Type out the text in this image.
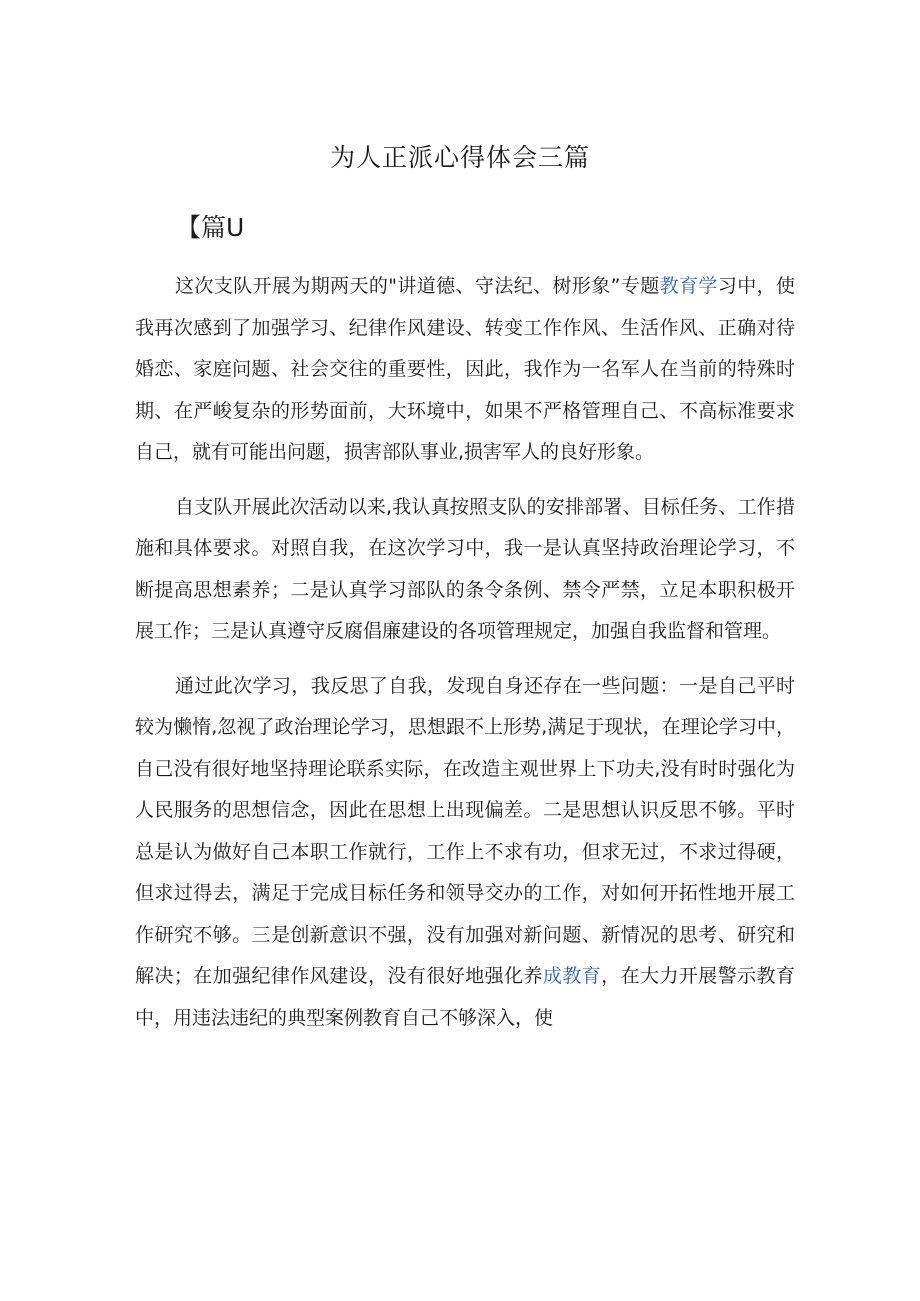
为人正派心得体会三篇
【篇U

这次支队开展为期两天的"讲道德、守法纪、树形象”专题教育学习中，使我再次感到了加强学习、纪律作风建设、转变工作作风、生活作风、正确对待婚恋、家庭问题、社会交往的重要性，因此，我作为一名军人在当前的特殊时期、在严峻复杂的形势面前，大环境中，如果不严格管理自己、不高标准要求自己，就有可能出问题，损害部队事业,损害军人的良好形象。

自支队开展此次活动以来,我认真按照支队的安排部署、目标任务、工作措施和具体要求。对照自我，在这次学习中，我一是认真坚持政治理论学习，不断提高思想素养；二是认真学习部队的条令条例、禁令严禁，立足本职积极开展工作；三是认真遵守反腐倡廉建设的各项管理规定，加强自我监督和管理。

通过此次学习，我反思了自我，发现自身还存在一些问题：一是自己平时较为懒惰,忽视了政治理论学习，思想跟不上形势,满足于现状，在理论学习中，自己没有很好地坚持理论联系实际，在改造主观世界上下功夫,没有时时强化为人民服务的思想信念，因此在思想上出现偏差。二是思想认识反思不够。平时总是认为做好自己本职工作就行，工作上不求有功，但求无过，不求过得硬，但求过得去，满足于完成目标任务和领导交办的工作，对如何开拓性地开展工作研究不够。三是创新意识不强，没有加强对新问题、新情况的思考、研究和解决；在加强纪律作风建设，没有很好地强化养成教育，在大力开展警示教育中，用违法违纪的典型案例教育自己不够深入，使
